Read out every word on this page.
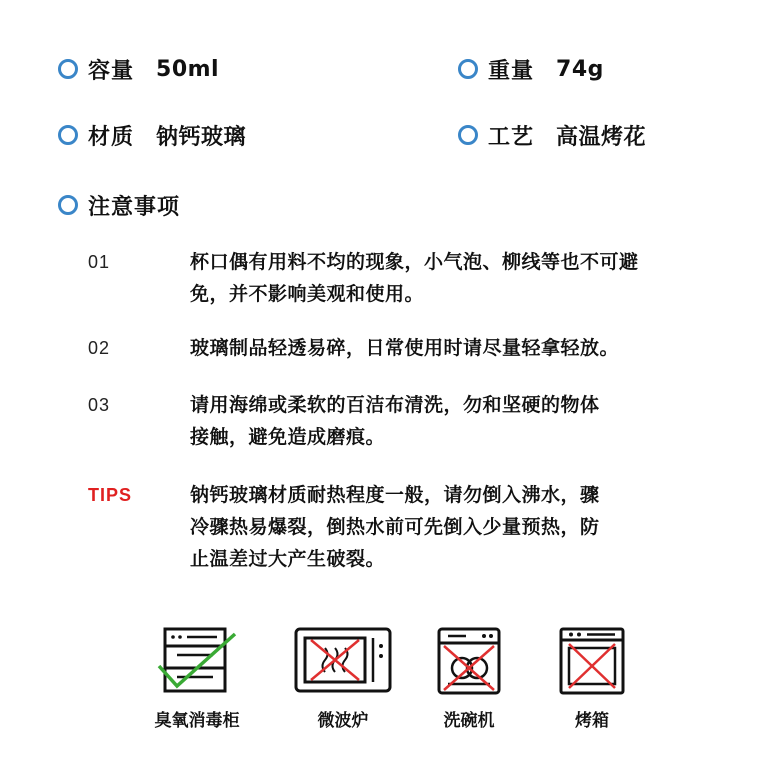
容量 50ml	重量 74g
材质 钠钙玻璃	工艺 高温烤花
注意事项
01	杯口偶有用料不均的现象，小气泡、柳线等也不可避
免，并不影响美观和使用。
02	玻璃制品轻透易碎，日常使用时请尽量轻拿轻放。
03	请用海绵或柔软的百洁布清洗，勿和坚硬的物体
接触，避免造成磨痕。
TIPS	钠钙玻璃材质耐热程度一般，请勿倒入沸水，骤
冷骤热易爆裂，倒热水前可先倒入少量预热，防
止温差过大产生破裂。
臭氧消毒柜	微波炉	洗碗机	烤箱
